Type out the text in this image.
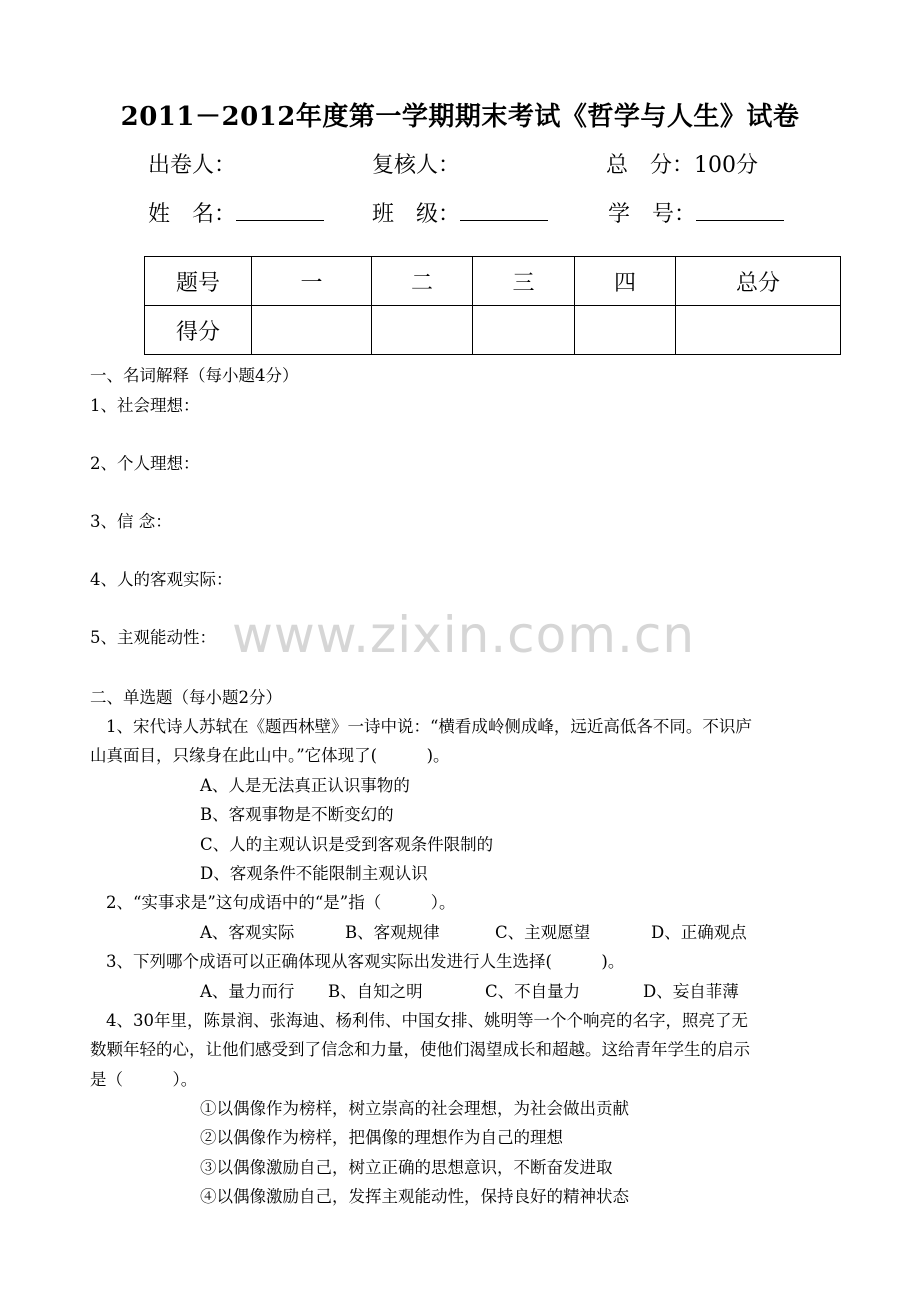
2011－2012年度第一学期期末考试《哲学与人生》试卷
出卷人：	复核人：	总　分：100分
姓　名：	班　级：	学　号：
题号	一	二	三	四	总分
得分					
一、名词解释（每小题4分）
1、社会理想：
2、个人理想：
3、信 念：
4、人的客观实际：
5、主观能动性： www.zixin.com.cn
二、单选题（每小题2分）
1、宋代诗人苏轼在《题西林壁》一诗中说：“横看成岭侧成峰，远近高低各不同。不识庐
山真面目，只缘身在此山中。”它体现了(　　　)。
A、人是无法真正认识事物的
B、客观事物是不断变幻的
C、人的主观认识是受到客观条件限制的
D、客观条件不能限制主观认识
2、“实事求是”这句成语中的“是”指（　　　）。
A、客观实际	B、客观规律	C、主观愿望	D、正确观点
3、下列哪个成语可以正确体现从客观实际出发进行人生选择(　　　)。
A、量力而行 B、自知之明	C、不自量力	D、妄自菲薄
4、30年里，陈景润、张海迪、杨利伟、中国女排、姚明等一个个响亮的名字，照亮了无
数颗年轻的心，让他们感受到了信念和力量，使他们渴望成长和超越。这给青年学生的启示
是（　　　）。
①以偶像作为榜样，树立崇高的社会理想，为社会做出贡献
②以偶像作为榜样，把偶像的理想作为自己的理想
③以偶像激励自己，树立正确的思想意识，不断奋发进取
④以偶像激励自己，发挥主观能动性，保持良好的精神状态
